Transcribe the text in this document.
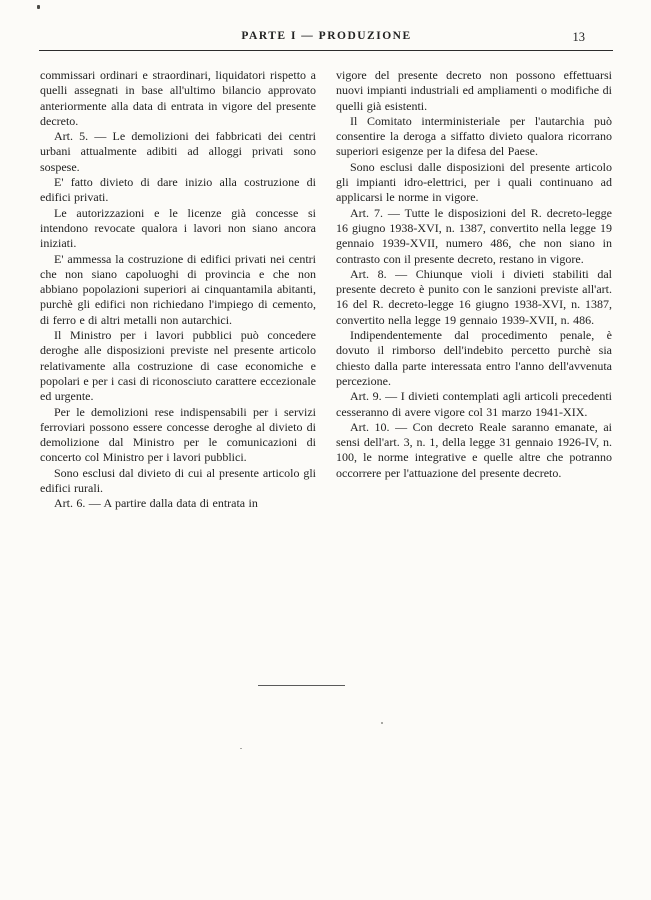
PARTE I — PRODUZIONE	13

commissari ordinari e straordinari, liquidatori rispetto a quelli assegnati in base all'ultimo bilancio approvato anteriormente alla data di entrata in vigore del presente decreto.

Art. 5. — Le demolizioni dei fabbricati dei centri urbani attualmente adibiti ad alloggi privati sono sospese.

E' fatto divieto di dare inizio alla costruzione di edifici privati.

Le autorizzazioni e le licenze già concesse si intendono revocate qualora i lavori non siano ancora iniziati.

E' ammessa la costruzione di edifici privati nei centri che non siano capoluoghi di provincia e che non abbiano popolazioni superiori ai cinquantamila abitanti, purchè gli edifici non richiedano l'impiego di cemento, di ferro e di altri metalli non autarchici.

Il Ministro per i lavori pubblici può concedere deroghe alle disposizioni previste nel presente articolo relativamente alla costruzione di case economiche e popolari e per i casi di riconosciuto carattere eccezionale ed urgente.

Per le demolizioni rese indispensabili per i servizi ferroviari possono essere concesse deroghe al divieto di demolizione dal Ministro per le comunicazioni di concerto col Ministro per i lavori pubblici.

Sono esclusi dal divieto di cui al presente articolo gli edifici rurali.

Art. 6. — A partire dalla data di entrata in

vigore del presente decreto non possono effettuarsi nuovi impianti industriali ed ampliamenti o modifiche di quelli già esistenti.

Il Comitato interministeriale per l'autarchia può consentire la deroga a siffatto divieto qualora ricorrano superiori esigenze per la difesa del Paese.

Sono esclusi dalle disposizioni del presente articolo gli impianti idro-elettrici, per i quali continuano ad applicarsi le norme in vigore.

Art. 7. — Tutte le disposizioni del R. decreto-legge 16 giugno 1938-XVI, n. 1387, convertito nella legge 19 gennaio 1939-XVII, numero 486, che non siano in contrasto con il presente decreto, restano in vigore.

Art. 8. — Chiunque violi i divieti stabiliti dal presente decreto è punito con le sanzioni previste all'art. 16 del R. decreto-legge 16 giugno 1938-XVI, n. 1387, convertito nella legge 19 gennaio 1939-XVII, n. 486.

Indipendentemente dal procedimento penale, è dovuto il rimborso dell'indebito percetto purchè sia chiesto dalla parte interessata entro l'anno dell'avvenuta percezione.

Art. 9. — I divieti contemplati agli articoli precedenti cesseranno di avere vigore col 31 marzo 1941-XIX.

Art. 10. — Con decreto Reale saranno emanate, ai sensi dell'art. 3, n. 1, della legge 31 gennaio 1926-IV, n. 100, le norme integrative e quelle altre che potranno occorrere per l'attuazione del presente decreto.
